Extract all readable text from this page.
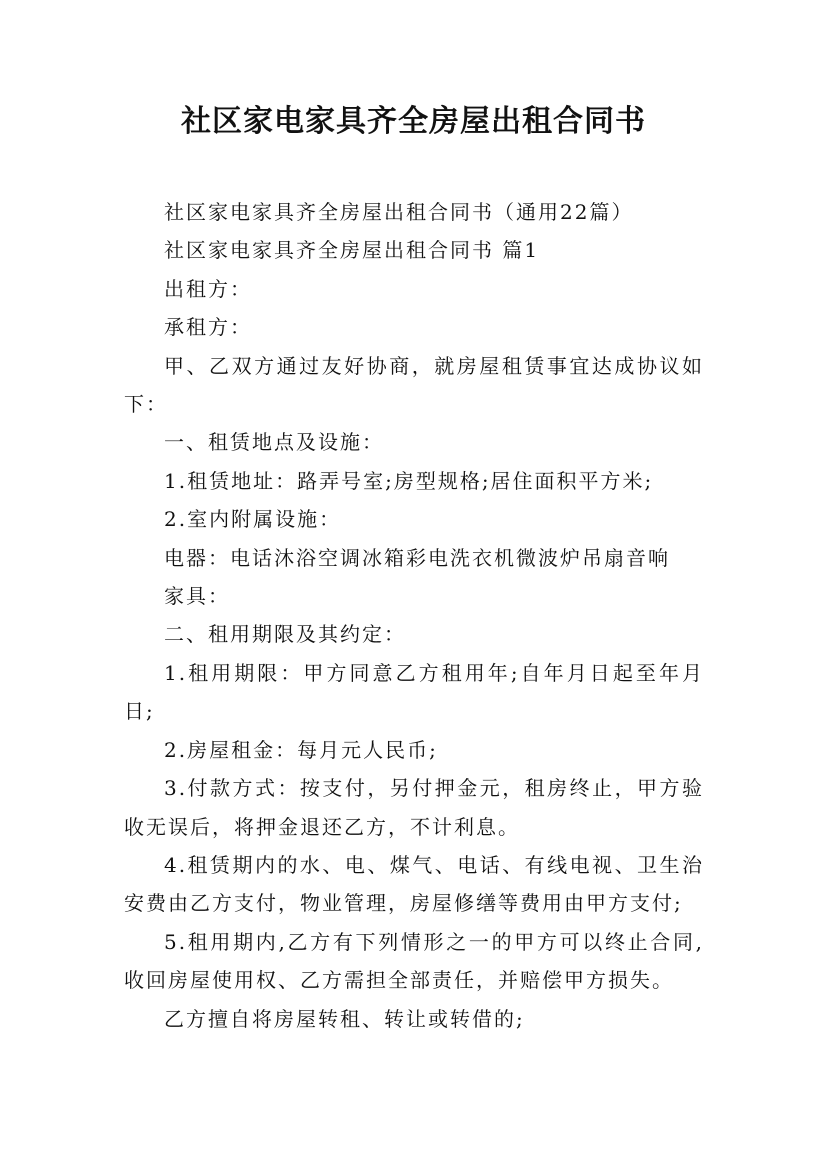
社区家电家具齐全房屋出租合同书

社区家电家具齐全房屋出租合同书（通用22篇）

社区家电家具齐全房屋出租合同书 篇1

出租方：

承租方：

甲、乙双方通过友好协商，就房屋租赁事宜达成协议如下：

一、租赁地点及设施：

1.租赁地址：路弄号室;房型规格;居住面积平方米;

2.室内附属设施：

电器：电话沐浴空调冰箱彩电洗衣机微波炉吊扇音响

家具：

二、租用期限及其约定：

1.租用期限：甲方同意乙方租用年;自年月日起至年月日;

2.房屋租金：每月元人民币;

3.付款方式：按支付，另付押金元，租房终止，甲方验收无误后，将押金退还乙方，不计利息。

4.租赁期内的水、电、煤气、电话、有线电视、卫生治安费由乙方支付，物业管理，房屋修缮等费用由甲方支付;

5.租用期内,乙方有下列情形之一的甲方可以终止合同,收回房屋使用权、乙方需担全部责任，并赔偿甲方损失。

乙方擅自将房屋转租、转让或转借的;
